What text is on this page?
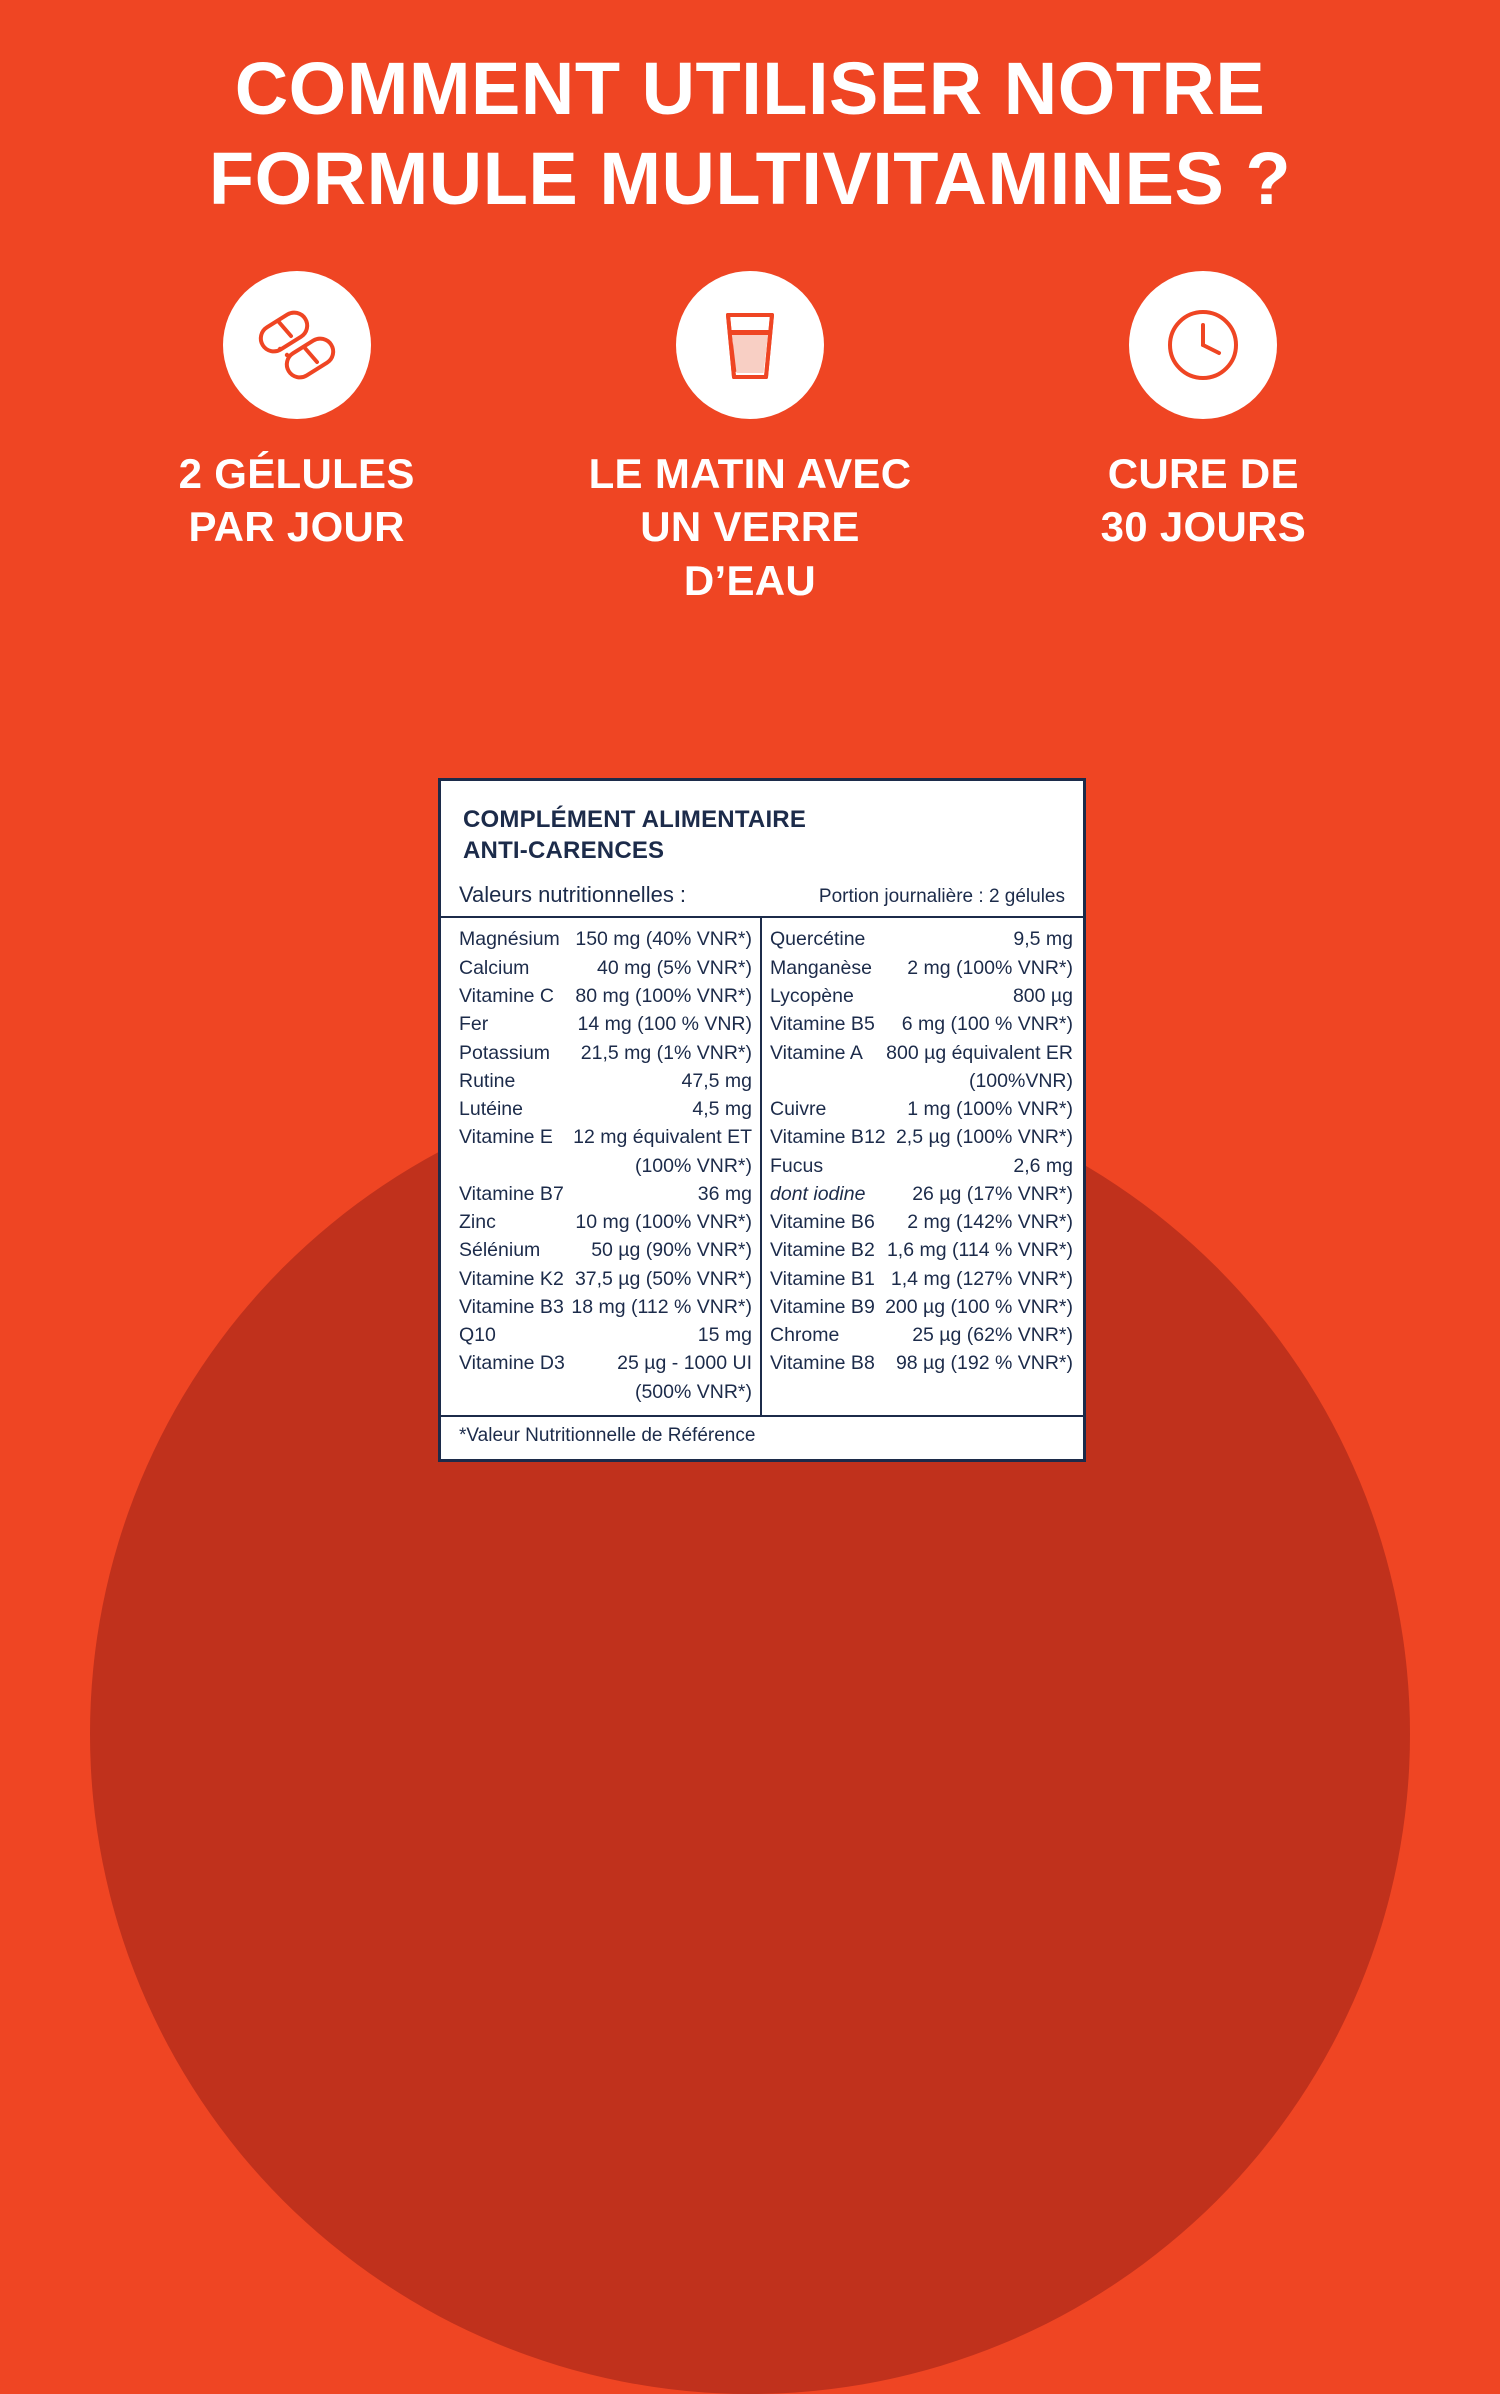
COMMENT UTILISER NOTRE FORMULE MULTIVITAMINES ?
2 GÉLULES
PAR JOUR
LE MATIN AVEC
UN VERRE D’EAU
CURE DE
30 JOURS
COMPLÉMENT ALIMENTAIRE
ANTI-CARENCES
Valeurs nutritionnelles :	Portion journalière : 2 gélules
Magnésium 150 mg (40% VNR*)
Calcium	40 mg (5% VNR*)
Vitamine C	80 mg (100% VNR*)
Fer	14 mg (100 % VNR)
Potassium	21,5 mg (1% VNR*)
Rutine	47,5 mg
Lutéine	4,5 mg
Vitamine E	12 mg équivalent ET
(100% VNR*)
Vitamine B7	36 mg
Zinc	10 mg (100% VNR*)
Sélénium	50 µg (90% VNR*)
Vitamine K2 37,5 µg (50% VNR*)
Vitamine B3 18 mg (112 % VNR*)
Q10	15 mg
Vitamine D3	25 µg - 1000 UI
(500% VNR*)
Quercétine	9,5 mg
Manganèse	2 mg (100% VNR*)
Lycopène	800 µg
Vitamine B5	6 mg (100 % VNR*)
Vitamine A	800 µg équivalent ER
(100%VNR)
Cuivre	1 mg (100% VNR*)
Vitamine B12 2,5 µg (100% VNR*)
Fucus	2,6 mg
dont iodine	26 µg (17% VNR*)
Vitamine B6	2 mg (142% VNR*)
Vitamine B2 1,6 mg (114 % VNR*)
Vitamine B1 1,4 mg (127% VNR*)
Vitamine B9 200 µg (100 % VNR*)
Chrome	25 µg (62% VNR*)
Vitamine B8	98 µg (192 % VNR*)
*Valeur Nutritionnelle de Référence
